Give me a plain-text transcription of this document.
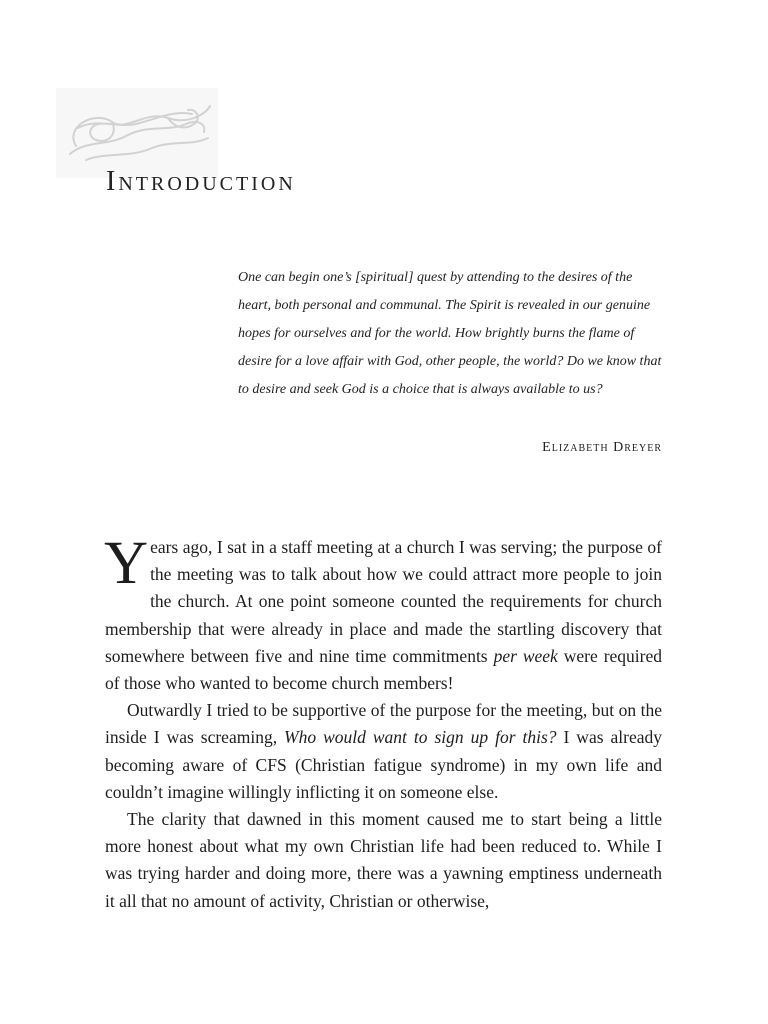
Introduction

One can begin one’s [spiritual] quest by attending to the desires of the heart, both personal and communal. The Spirit is revealed in our genuine hopes for ourselves and for the world. How brightly burns the flame of desire for a love affair with God, other people, the world? Do we know that to desire and seek God is a choice that is always available to us?

Elizabeth Dreyer

Years ago, I sat in a staff meeting at a church I was serving; the purpose of the meeting was to talk about how we could attract more people to join the church. At one point someone counted the requirements for church membership that were already in place and made the startling discovery that somewhere between five and nine time commitments per week were required of those who wanted to become church members!

Outwardly I tried to be supportive of the purpose for the meeting, but on the inside I was screaming, Who would want to sign up for this? I was already becoming aware of CFS (Christian fatigue syndrome) in my own life and couldn’t imagine willingly inflicting it on someone else.

The clarity that dawned in this moment caused me to start being a little more honest about what my own Christian life had been reduced to. While I was trying harder and doing more, there was a yawning emptiness underneath it all that no amount of activity, Christian or otherwise,
